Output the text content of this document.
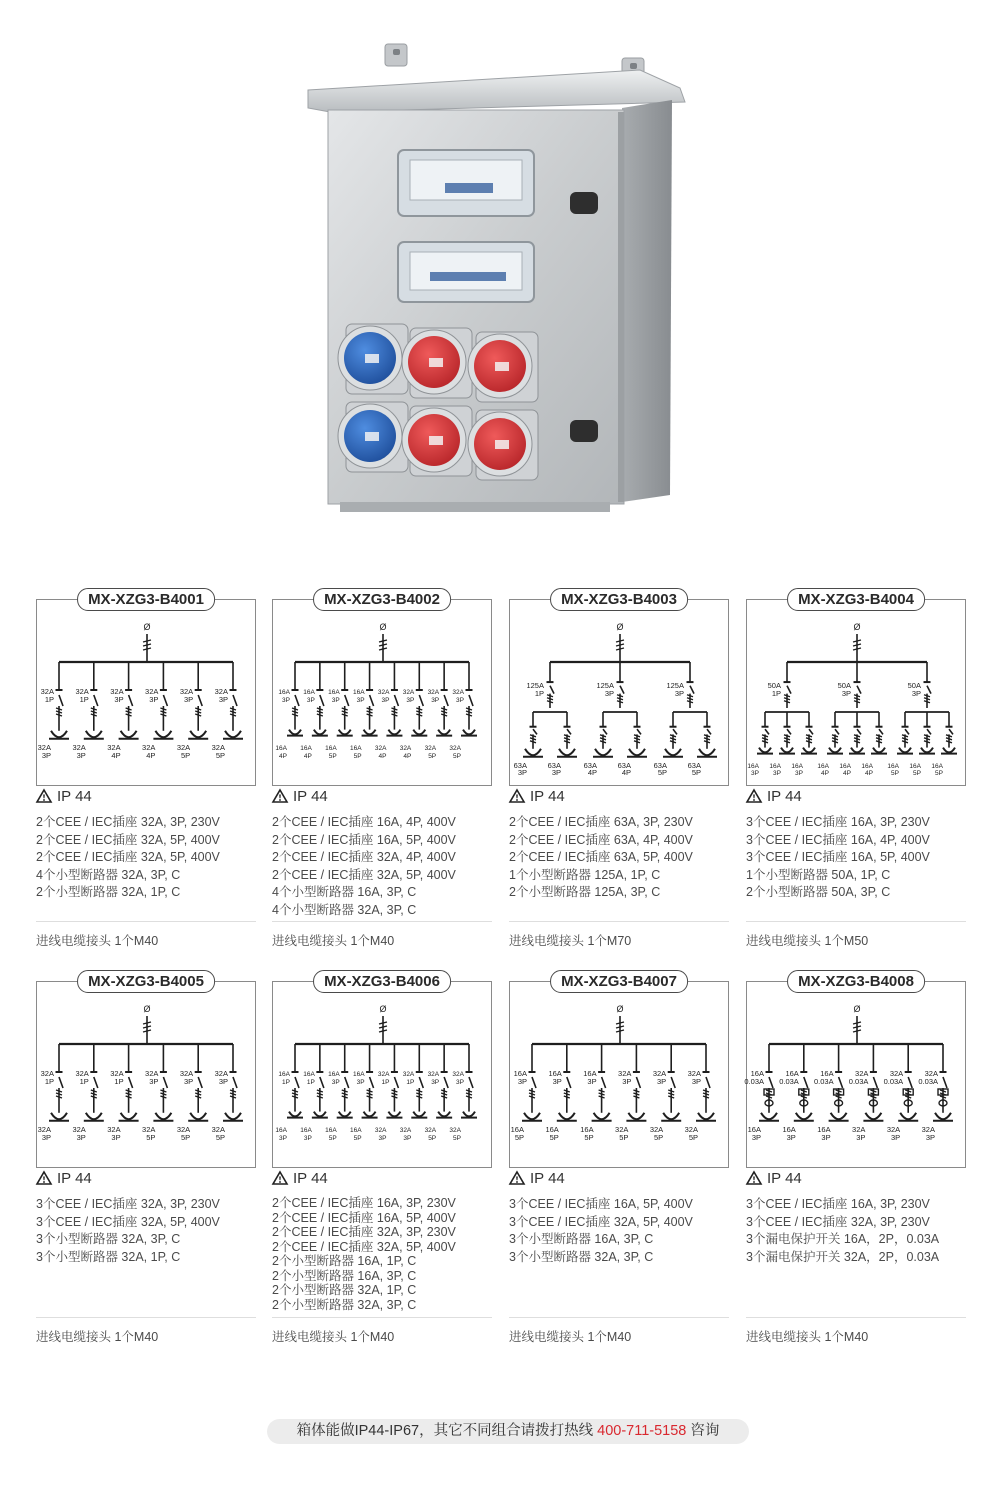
Ø
32A
1P
32A
3P
32A
1P
32A
3P
32A
3P
32A
4P
32A
3P
32A
4P
32A
3P
32A
5P
32A
3P
32A
5P
MX-XZG3-B4001
IP 44
2个CEE / IEC插座 32A, 3P, 230V
2个CEE / IEC插座 32A, 5P, 400V
2个CEE / IEC插座 32A, 5P, 400V
4个小型断路器 32A, 3P, C
2个小型断路器 32A, 1P, C
进线电缆接头 1个M40
Ø
16A
3P
16A
4P
16A
3P
16A
4P
16A
3P
16A
5P
16A
3P
16A
5P
32A
3P
32A
4P
32A
3P
32A
4P
32A
3P
32A
5P
32A
3P
32A
5P
MX-XZG3-B4002
IP 44
2个CEE / IEC插座 16A, 4P, 400V
2个CEE / IEC插座 16A, 5P, 400V
2个CEE / IEC插座 32A, 4P, 400V
2个CEE / IEC插座 32A, 5P, 400V
4个小型断路器 16A, 3P, C
4个小型断路器 32A, 3P, C
进线电缆接头 1个M40
Ø
125A
1P
63A
3P
63A
3P
125A
3P
63A
4P
63A
4P
125A
3P
63A
5P
63A
5P
MX-XZG3-B4003
IP 44
2个CEE / IEC插座 63A, 3P, 230V
2个CEE / IEC插座 63A, 4P, 400V
2个CEE / IEC插座 63A, 5P, 400V
1个小型断路器 125A, 1P, C
2个小型断路器 125A, 3P, C
进线电缆接头 1个M70
Ø
50A
1P
16A
3P
16A
3P
16A
3P
50A
3P
16A
4P
16A
4P
16A
4P
50A
3P
16A
5P
16A
5P
16A
5P
MX-XZG3-B4004
IP 44
3个CEE / IEC插座 16A, 3P, 230V
3个CEE / IEC插座 16A, 4P, 400V
3个CEE / IEC插座 16A, 5P, 400V
1个小型断路器 50A, 1P, C
2个小型断路器 50A, 3P, C
进线电缆接头 1个M50
Ø
32A
1P
32A
3P
32A
1P
32A
3P
32A
1P
32A
3P
32A
3P
32A
5P
32A
3P
32A
5P
32A
3P
32A
5P
MX-XZG3-B4005
IP 44
3个CEE / IEC插座 32A, 3P, 230V
3个CEE / IEC插座 32A, 5P, 400V
3个小型断路器 32A, 3P, C
3个小型断路器 32A, 1P, C
进线电缆接头 1个M40
Ø
16A
1P
16A
3P
16A
1P
16A
3P
16A
3P
16A
5P
16A
3P
16A
5P
32A
1P
32A
3P
32A
1P
32A
3P
32A
3P
32A
5P
32A
3P
32A
5P
MX-XZG3-B4006
IP 44
2个CEE / IEC插座 16A, 3P, 230V
2个CEE / IEC插座 16A, 5P, 400V
2个CEE / IEC插座 32A, 3P, 230V
2个CEE / IEC插座 32A, 5P, 400V
2个小型断路器 16A, 1P, C
2个小型断路器 16A, 3P, C
2个小型断路器 32A, 1P, C
2个小型断路器 32A, 3P, C
进线电缆接头 1个M40
Ø
16A
3P
16A
5P
16A
3P
16A
5P
16A
3P
16A
5P
32A
3P
32A
5P
32A
3P
32A
5P
32A
3P
32A
5P
MX-XZG3-B4007
IP 44
3个CEE / IEC插座 16A, 5P, 400V
3个CEE / IEC插座 32A, 5P, 400V
3个小型断路器 16A, 3P, C
3个小型断路器 32A, 3P, C
进线电缆接头 1个M40
Ø
16A
0.03A
16A
3P
16A
0.03A
16A
3P
16A
0.03A
16A
3P
32A
0.03A
32A
3P
32A
0.03A
32A
3P
32A
0.03A
32A
3P
MX-XZG3-B4008
IP 44
3个CEE / IEC插座 16A, 3P, 230V
3个CEE / IEC插座 32A, 3P, 230V
3个漏电保护开关 16A，2P，0.03A
3个漏电保护开关 32A，2P，0.03A
进线电缆接头 1个M40
箱体能做IP44-IP67，其它不同组合请拨打热线 400-711-5158 咨询
